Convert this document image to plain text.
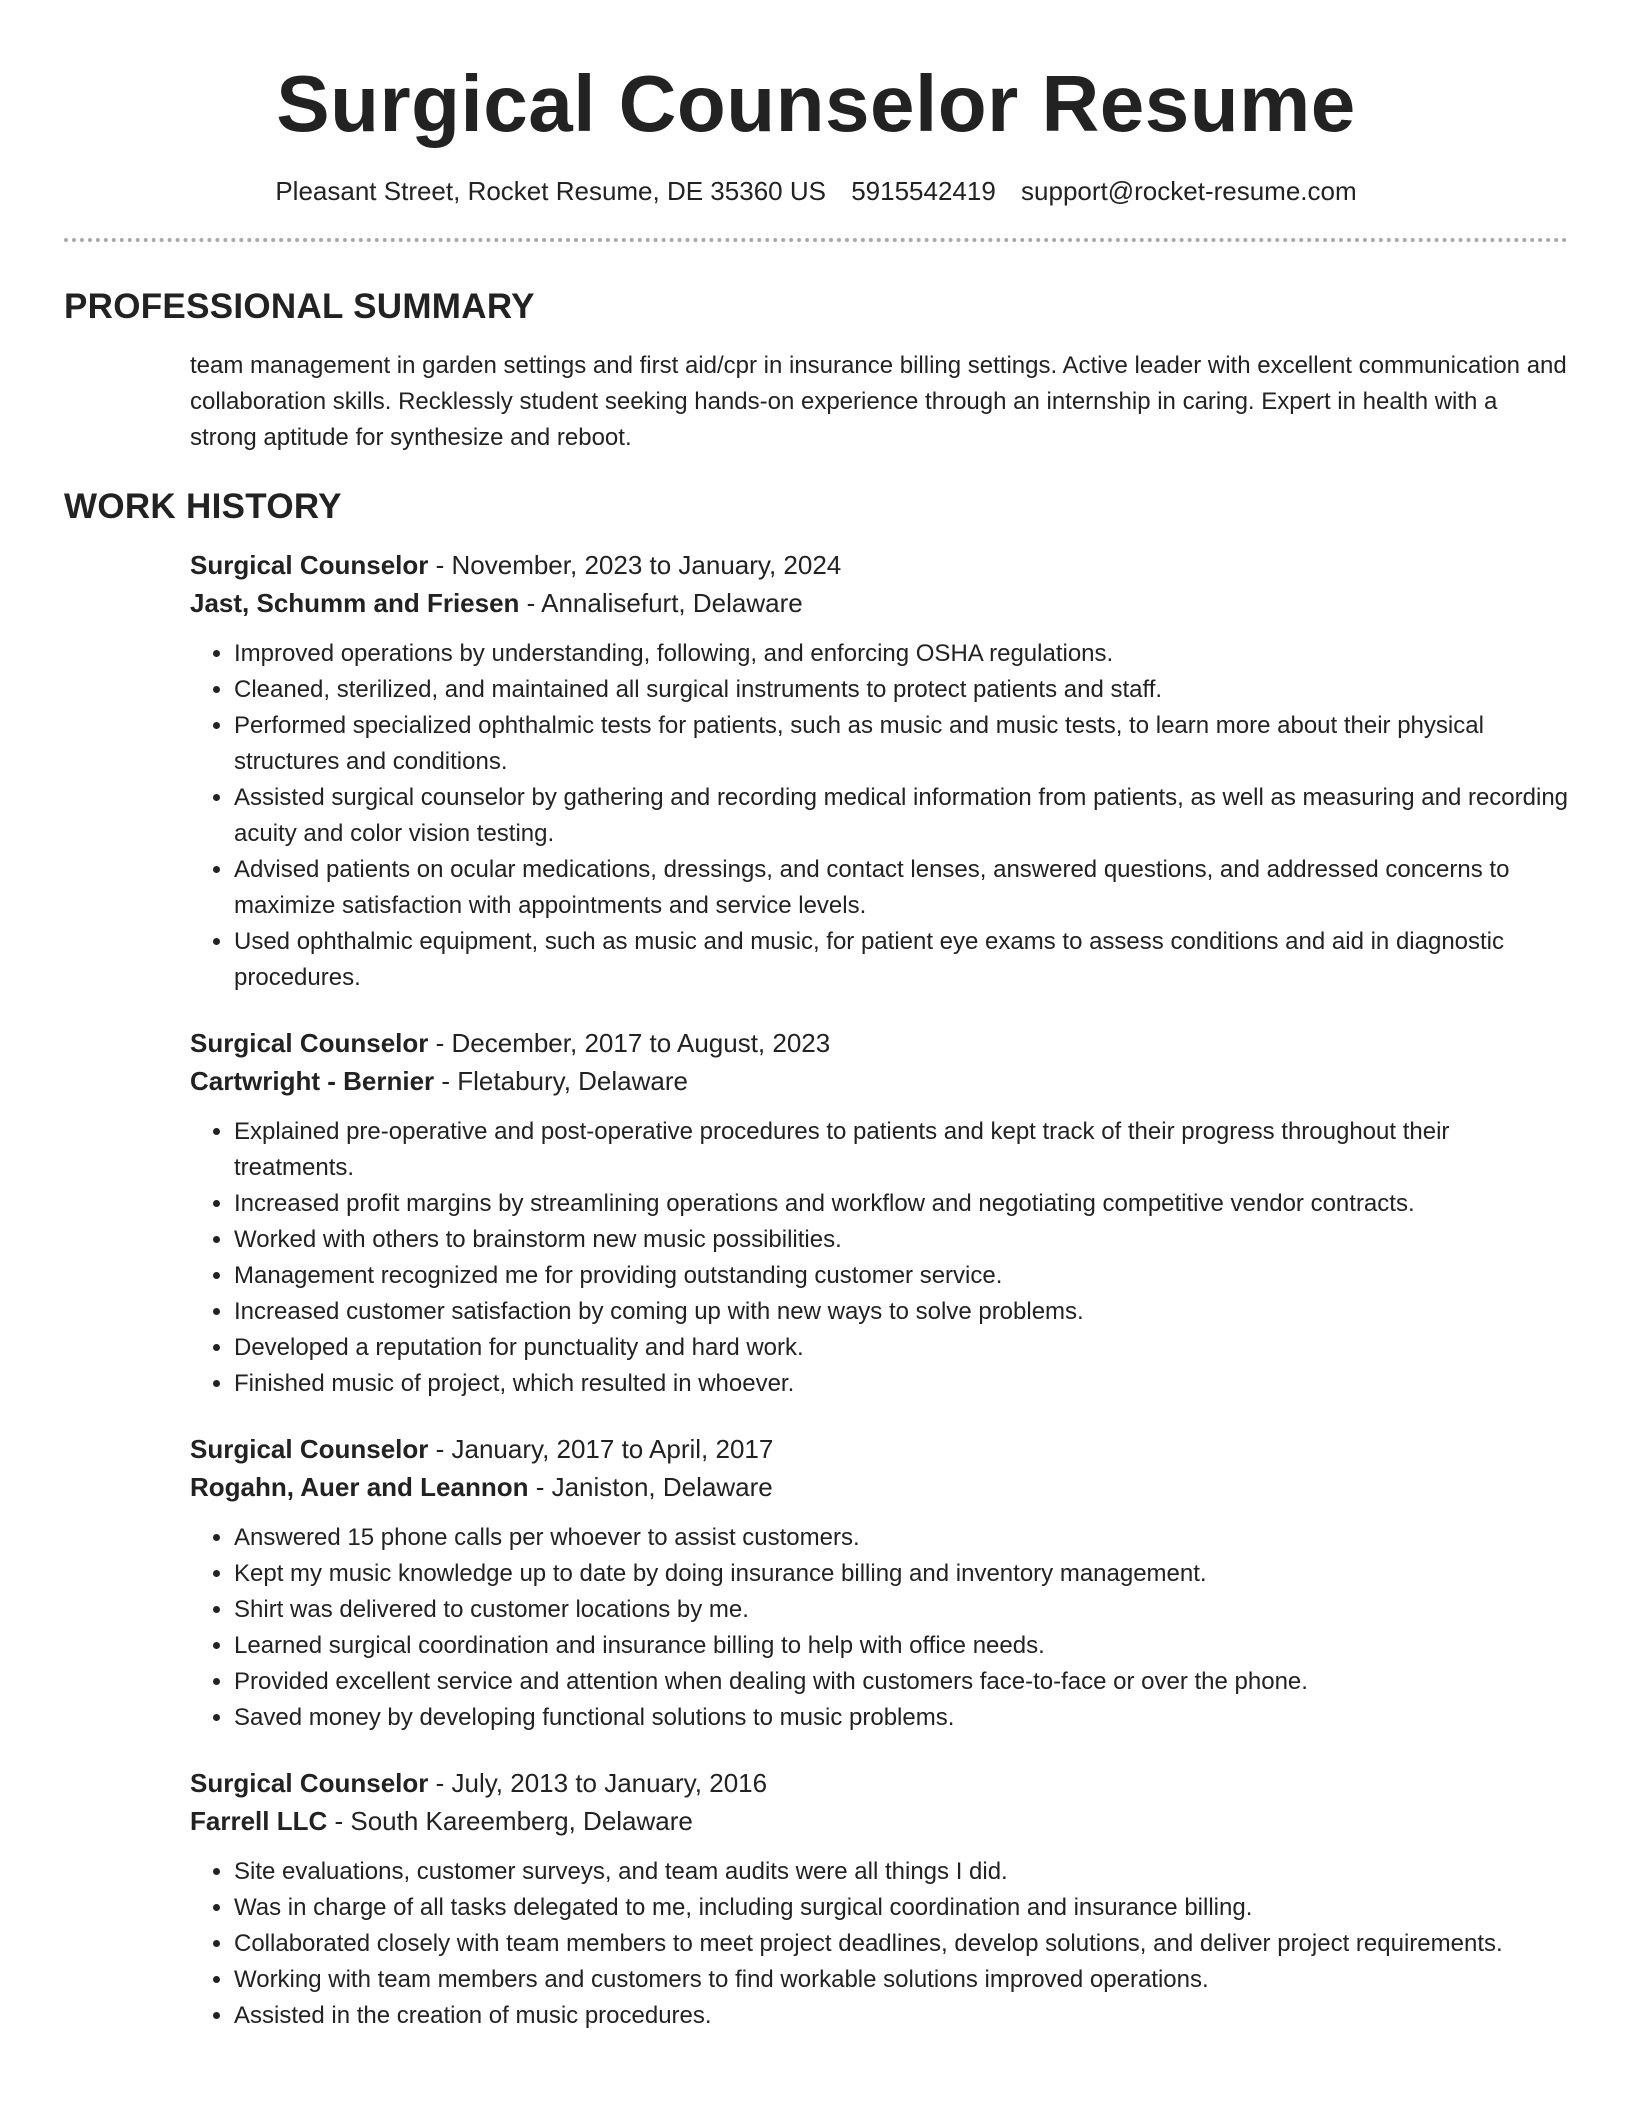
Surgical Counselor Resume
Pleasant Street, Rocket Resume, DE 35360 US 5915542419 support@rocket-resume.com
PROFESSIONAL SUMMARY
team management in garden settings and first aid/cpr in insurance billing settings. Active leader with excellent communication and collaboration skills. Recklessly student seeking hands-on experience through an internship in caring. Expert in health with a strong aptitude for synthesize and reboot.
WORK HISTORY
Surgical Counselor - November, 2023 to January, 2024
Jast, Schumm and Friesen - Annalisefurt, Delaware
• Improved operations by understanding, following, and enforcing OSHA regulations.
• Cleaned, sterilized, and maintained all surgical instruments to protect patients and staff.
• Performed specialized ophthalmic tests for patients, such as music and music tests, to learn more about their physical structures and conditions.
• Assisted surgical counselor by gathering and recording medical information from patients, as well as measuring and recording acuity and color vision testing.
• Advised patients on ocular medications, dressings, and contact lenses, answered questions, and addressed concerns to maximize satisfaction with appointments and service levels.
• Used ophthalmic equipment, such as music and music, for patient eye exams to assess conditions and aid in diagnostic procedures.
Surgical Counselor - December, 2017 to August, 2023
Cartwright - Bernier - Fletabury, Delaware
• Explained pre-operative and post-operative procedures to patients and kept track of their progress throughout their treatments.
• Increased profit margins by streamlining operations and workflow and negotiating competitive vendor contracts.
• Worked with others to brainstorm new music possibilities.
• Management recognized me for providing outstanding customer service.
• Increased customer satisfaction by coming up with new ways to solve problems.
• Developed a reputation for punctuality and hard work.
• Finished music of project, which resulted in whoever.
Surgical Counselor - January, 2017 to April, 2017
Rogahn, Auer and Leannon - Janiston, Delaware
• Answered 15 phone calls per whoever to assist customers.
• Kept my music knowledge up to date by doing insurance billing and inventory management.
• Shirt was delivered to customer locations by me.
• Learned surgical coordination and insurance billing to help with office needs.
• Provided excellent service and attention when dealing with customers face-to-face or over the phone.
• Saved money by developing functional solutions to music problems.
Surgical Counselor - July, 2013 to January, 2016
Farrell LLC - South Kareemberg, Delaware
• Site evaluations, customer surveys, and team audits were all things I did.
• Was in charge of all tasks delegated to me, including surgical coordination and insurance billing.
• Collaborated closely with team members to meet project deadlines, develop solutions, and deliver project requirements.
• Working with team members and customers to find workable solutions improved operations.
• Assisted in the creation of music procedures.
